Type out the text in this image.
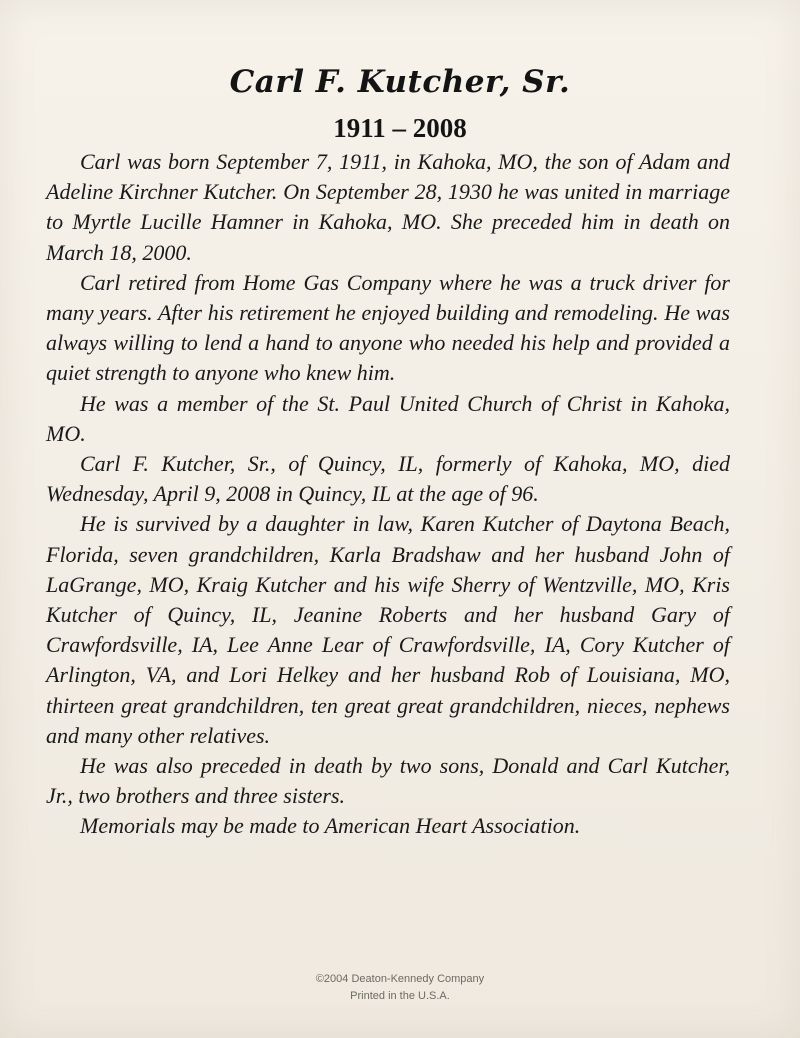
Carl F. Kutcher, Sr.
1911 – 2008

Carl was born September 7, 1911, in Kahoka, MO, the son of Adam and Adeline Kirchner Kutcher. On September 28, 1930 he was united in marriage to Myrtle Lucille Hamner in Kahoka, MO. She preceded him in death on March 18, 2000.

Carl retired from Home Gas Company where he was a truck driver for many years. After his retirement he enjoyed building and remodeling. He was always willing to lend a hand to anyone who needed his help and provided a quiet strength to anyone who knew him.

He was a member of the St. Paul United Church of Christ in Kahoka, MO.

Carl F. Kutcher, Sr., of Quincy, IL, formerly of Kahoka, MO, died Wednesday, April 9, 2008 in Quincy, IL at the age of 96.

He is survived by a daughter in law, Karen Kutcher of Daytona Beach, Florida, seven grandchildren, Karla Bradshaw and her husband John of LaGrange, MO, Kraig Kutcher and his wife Sherry of Wentzville, MO, Kris Kutcher of Quincy, IL, Jeanine Roberts and her husband Gary of Crawfordsville, IA, Lee Anne Lear of Crawfordsville, IA, Cory Kutcher of Arlington, VA, and Lori Helkey and her husband Rob of Louisiana, MO, thirteen great grandchildren, ten great great grandchildren, nieces, nephews and many other relatives.

He was also preceded in death by two sons, Donald and Carl Kutcher, Jr., two brothers and three sisters.

Memorials may be made to American Heart Association.

©2004 Deaton-Kennedy Company
Printed in the U.S.A.
